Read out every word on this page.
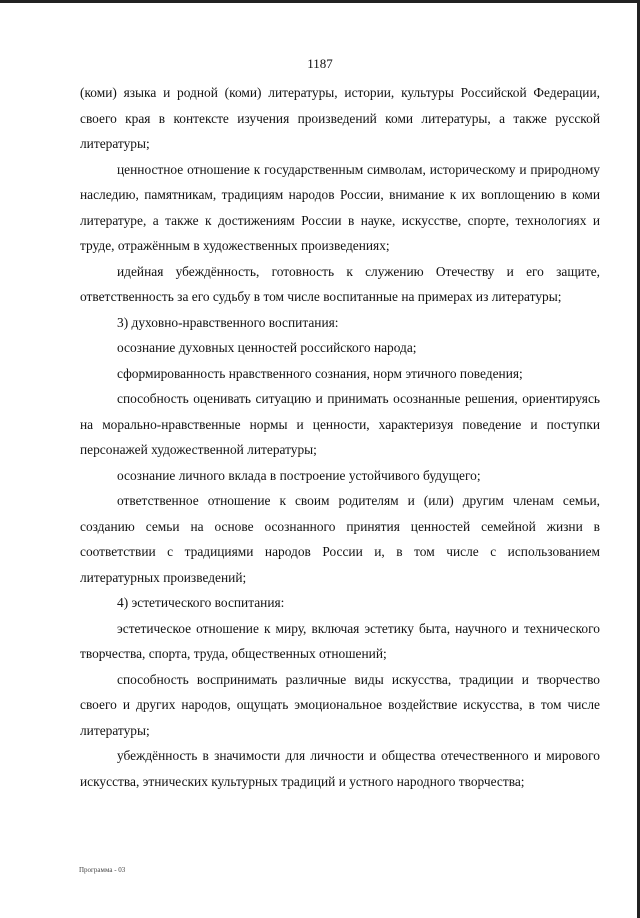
1187

(коми) языка и родной (коми) литературы, истории, культуры Российской Федерации, своего края в контексте изучения произведений коми литературы, а также русской литературы;

ценностное отношение к государственным символам, историческому и природному наследию, памятникам, традициям народов России, внимание к их воплощению в коми литературе, а также к достижениям России в науке, искусстве, спорте, технологиях и труде, отражённым в художественных произведениях;

идейная убеждённость, готовность к служению Отечеству и его защите, ответственность за его судьбу в том числе воспитанные на примерах из литературы;

3) духовно-нравственного воспитания:

осознание духовных ценностей российского народа;

сформированность нравственного сознания, норм этичного поведения;

способность оценивать ситуацию и принимать осознанные решения, ориентируясь на морально-нравственные нормы и ценности, характеризуя поведение и поступки персонажей художественной литературы;

осознание личного вклада в построение устойчивого будущего;

ответственное отношение к своим родителям и (или) другим членам семьи, созданию семьи на основе осознанного принятия ценностей семейной жизни в соответствии с традициями народов России и, в том числе с использованием литературных произведений;

4) эстетического воспитания:

эстетическое отношение к миру, включая эстетику быта, научного и технического творчества, спорта, труда, общественных отношений;

способность воспринимать различные виды искусства, традиции и творчество своего и других народов, ощущать эмоциональное воздействие искусства, в том числе литературы;

убеждённость в значимости для личности и общества отечественного и мирового искусства, этнических культурных традиций и устного народного творчества;

Программа - 03
